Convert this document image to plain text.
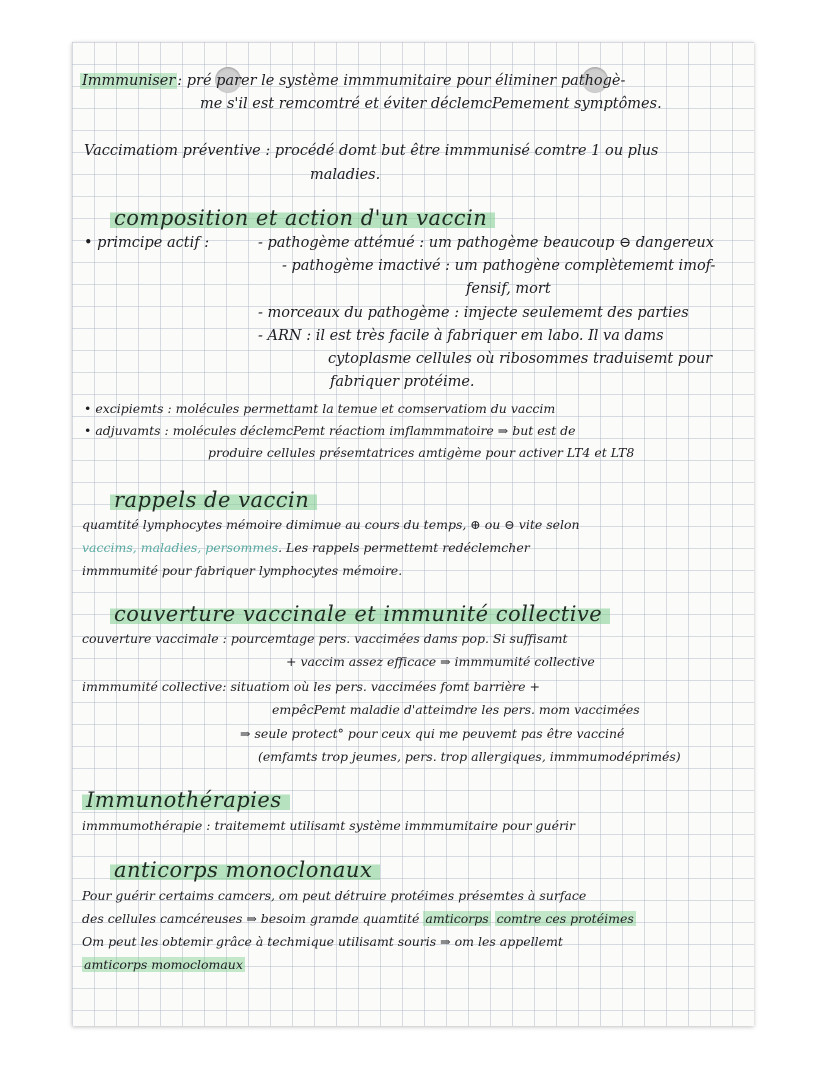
Immmuniser : pré parer le système immmumitaire pour éliminer pathogè-
me s'il est remcomtré et éviter déclemcPemement symptômes.
Vaccimatiom préventive : procédé domt but être immmunisé comtre 1 ou plus
maladies.
composition et action d'un vaccin
• primcipe actif :	- pathogème attémué : um pathogème beaucoup ⊖ dangereux
- pathogème imactivé : um pathogène complètememt imof-
fensif, mort
- morceaux du pathogème : imjecte seulememt des parties
- ARN : il est très facile à fabriquer em labo. Il va dams
cytoplasme cellules où ribosommes traduisemt pour
fabriquer protéime.
• excipiemts : molécules permettamt la temue et comservatiom du vaccim
• adjuvamts : molécules déclemcPemt réactiom imflammmatoire ⇒ but est de
produire cellules présemtatrices amtigème pour activer LT4 et LT8
rappels de vaccin
quamtité lymphocytes mémoire dimimue au cours du temps, ⊕ ou ⊖ vite selon
vaccims, maladies, persommes. Les rappels permettemt redéclemcher
immmumité pour fabriquer lymphocytes mémoire.
couverture vaccinale et immunité collective
couverture vaccimale : pourcemtage pers. vaccimées dams pop. Si suffisamt
+ vaccim assez efficace ⇒ immmumité collective
immmumité collective: situatiom où les pers. vaccimées fomt barrière +
empêcPemt maladie d'atteimdre les pers. mom vaccimées
⇒ seule protect° pour ceux qui me peuvemt pas être vacciné
(emfamts trop jeumes, pers. trop allergiques, immmumodéprimés)
Immunothérapies
immmumothérapie : traitememt utilisamt système immmumitaire pour guérir
anticorps monoclonaux
Pour guérir certaims camcers, om peut détruire protéimes présemtes à surface
des cellules camcéreuses ⇒ besoim gramde quamtité amticorps comtre ces protéimes
Om peut les obtemir grâce à techmique utilisamt souris ⇒ om les appellemt
amticorps momoclomaux
